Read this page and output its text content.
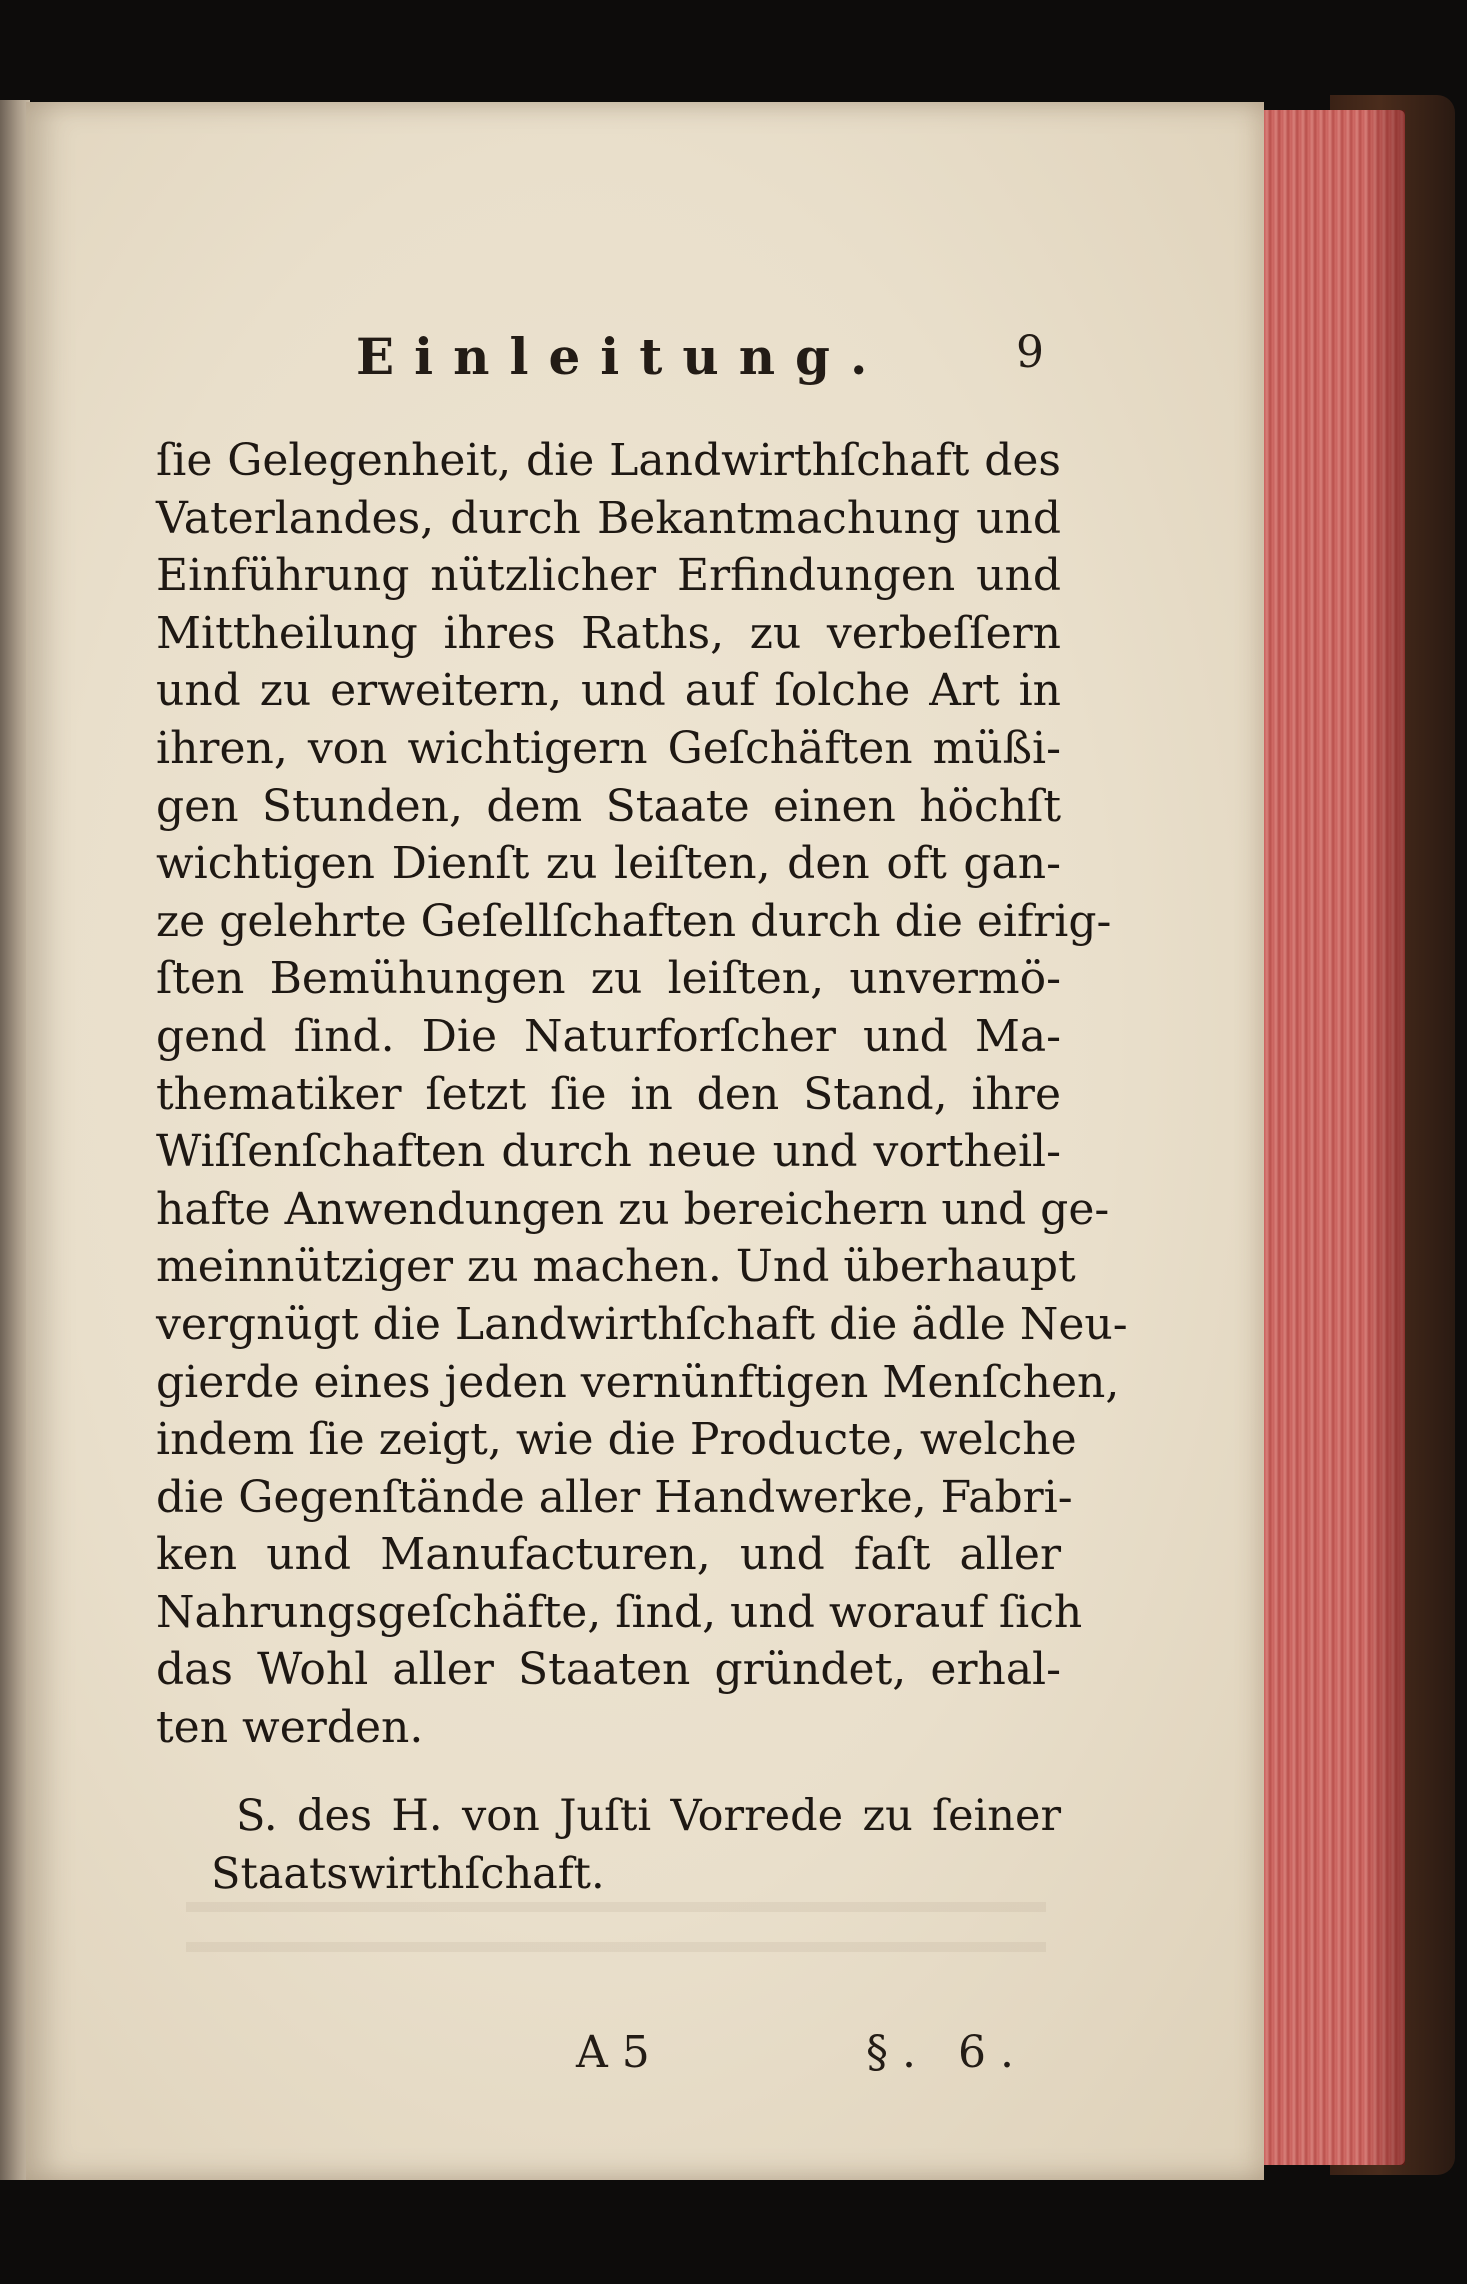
Einleitung.	9
ſie Gelegenheit, die Landwirthſchaft des
Vaterlandes, durch Bekantmachung und
Einführung nützlicher Erfindungen und
Mittheilung ihres Raths, zu verbeſſern
und zu erweitern, und auf ſolche Art in
ihren, von wichtigern Geſchäften müßi-
gen Stunden, dem Staate einen höchſt
wichtigen Dienſt zu leiſten, den oft gan-
ze gelehrte Geſellſchaften durch die eifrig-
ſten Bemühungen zu leiſten, unvermö-
gend ſind. Die Naturforſcher und Ma-
thematiker ſetzt ſie in den Stand, ihre
Wiſſenſchaften durch neue und vortheil-
hafte Anwendungen zu bereichern und ge-
meinnütziger zu machen. Und überhaupt
vergnügt die Landwirthſchaft die ädle Neu-
gierde eines jeden vernünftigen Menſchen,
indem ſie zeigt, wie die Producte, welche
die Gegenſtände aller Handwerke, Fabri-
ken und Manufacturen, und faſt aller
Nahrungsgeſchäfte, ſind, und worauf ſich
das Wohl aller Staaten gründet, erhal-
ten werden.
S. des H. von Juſti Vorrede zu ſeiner
Staatswirthſchaft.
A 5	§. 6.
